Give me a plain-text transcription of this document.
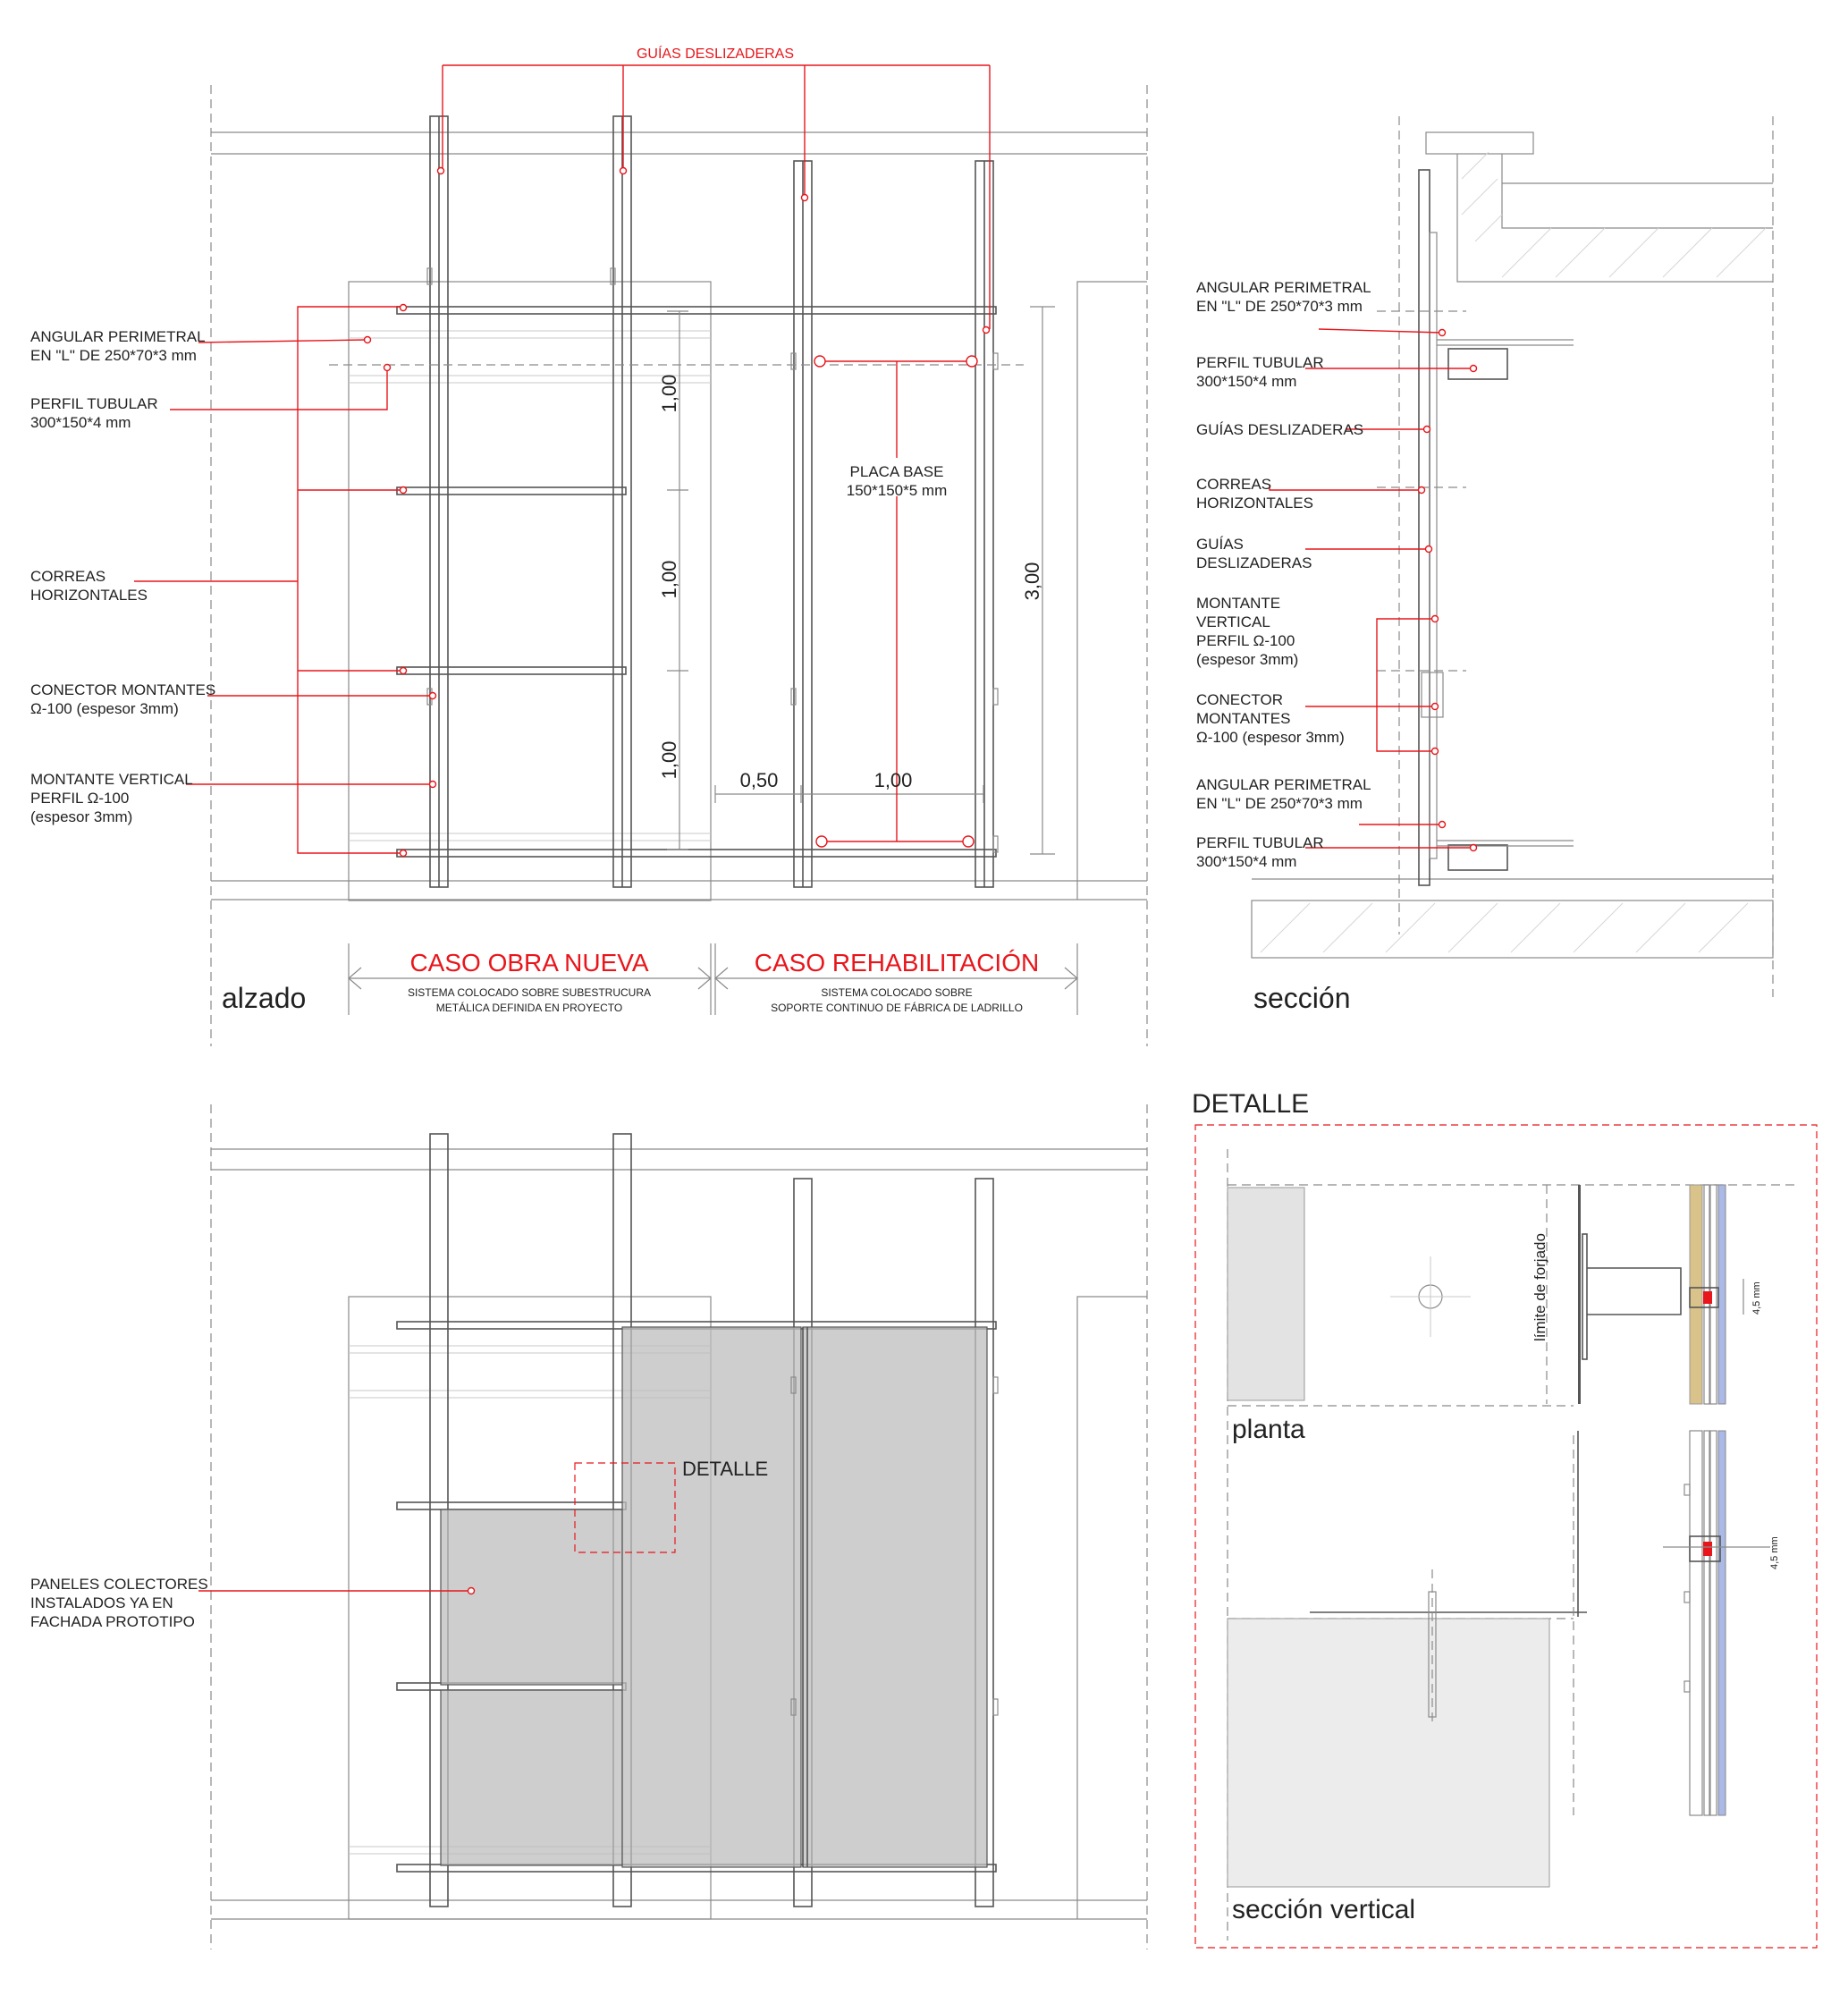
GUÍAS DESLIZADERAS
ANGULAR PERIMETRAL
EN "L" DE 250*70*3 mm
PERFIL TUBULAR
300*150*4 mm
CORREAS
HORIZONTALES
CONECTOR MONTANTES
Ω-100 (espesor 3mm)
MONTANTE VERTICAL
PERFIL Ω-100
(espesor 3mm)
PLACA BASE
150*150*5 mm
1,00
1,00
1,00
3,00
0,50	1,00
CASO OBRA NUEVA
SISTEMA COLOCADO SOBRE SUBESTRUCURA
METÁLICA DEFINIDA EN PROYECTO
CASO REHABILITACIÓN
SISTEMA COLOCADO SOBRE
SOPORTE CONTINUO DE FÁBRICA DE LADRILLO
alzado
ANGULAR PERIMETRAL
EN "L" DE 250*70*3 mm
PERFIL TUBULAR
300*150*4 mm
GUÍAS DESLIZADERAS
CORREAS
HORIZONTALES
GUÍAS
DESLIZADERAS
MONTANTE
VERTICAL
PERFIL Ω-100
(espesor 3mm)
CONECTOR
MONTANTES
Ω-100 (espesor 3mm)
ANGULAR PERIMETRAL
EN "L" DE 250*70*3 mm
PERFIL TUBULAR
300*150*4 mm
sección
PANELES COLECTORES
INSTALADOS YA EN
FACHADA PROTOTIPO
DETALLE
DETALLE
límite de forjado	4,5 mm
4,5 mm
planta
sección vertical
